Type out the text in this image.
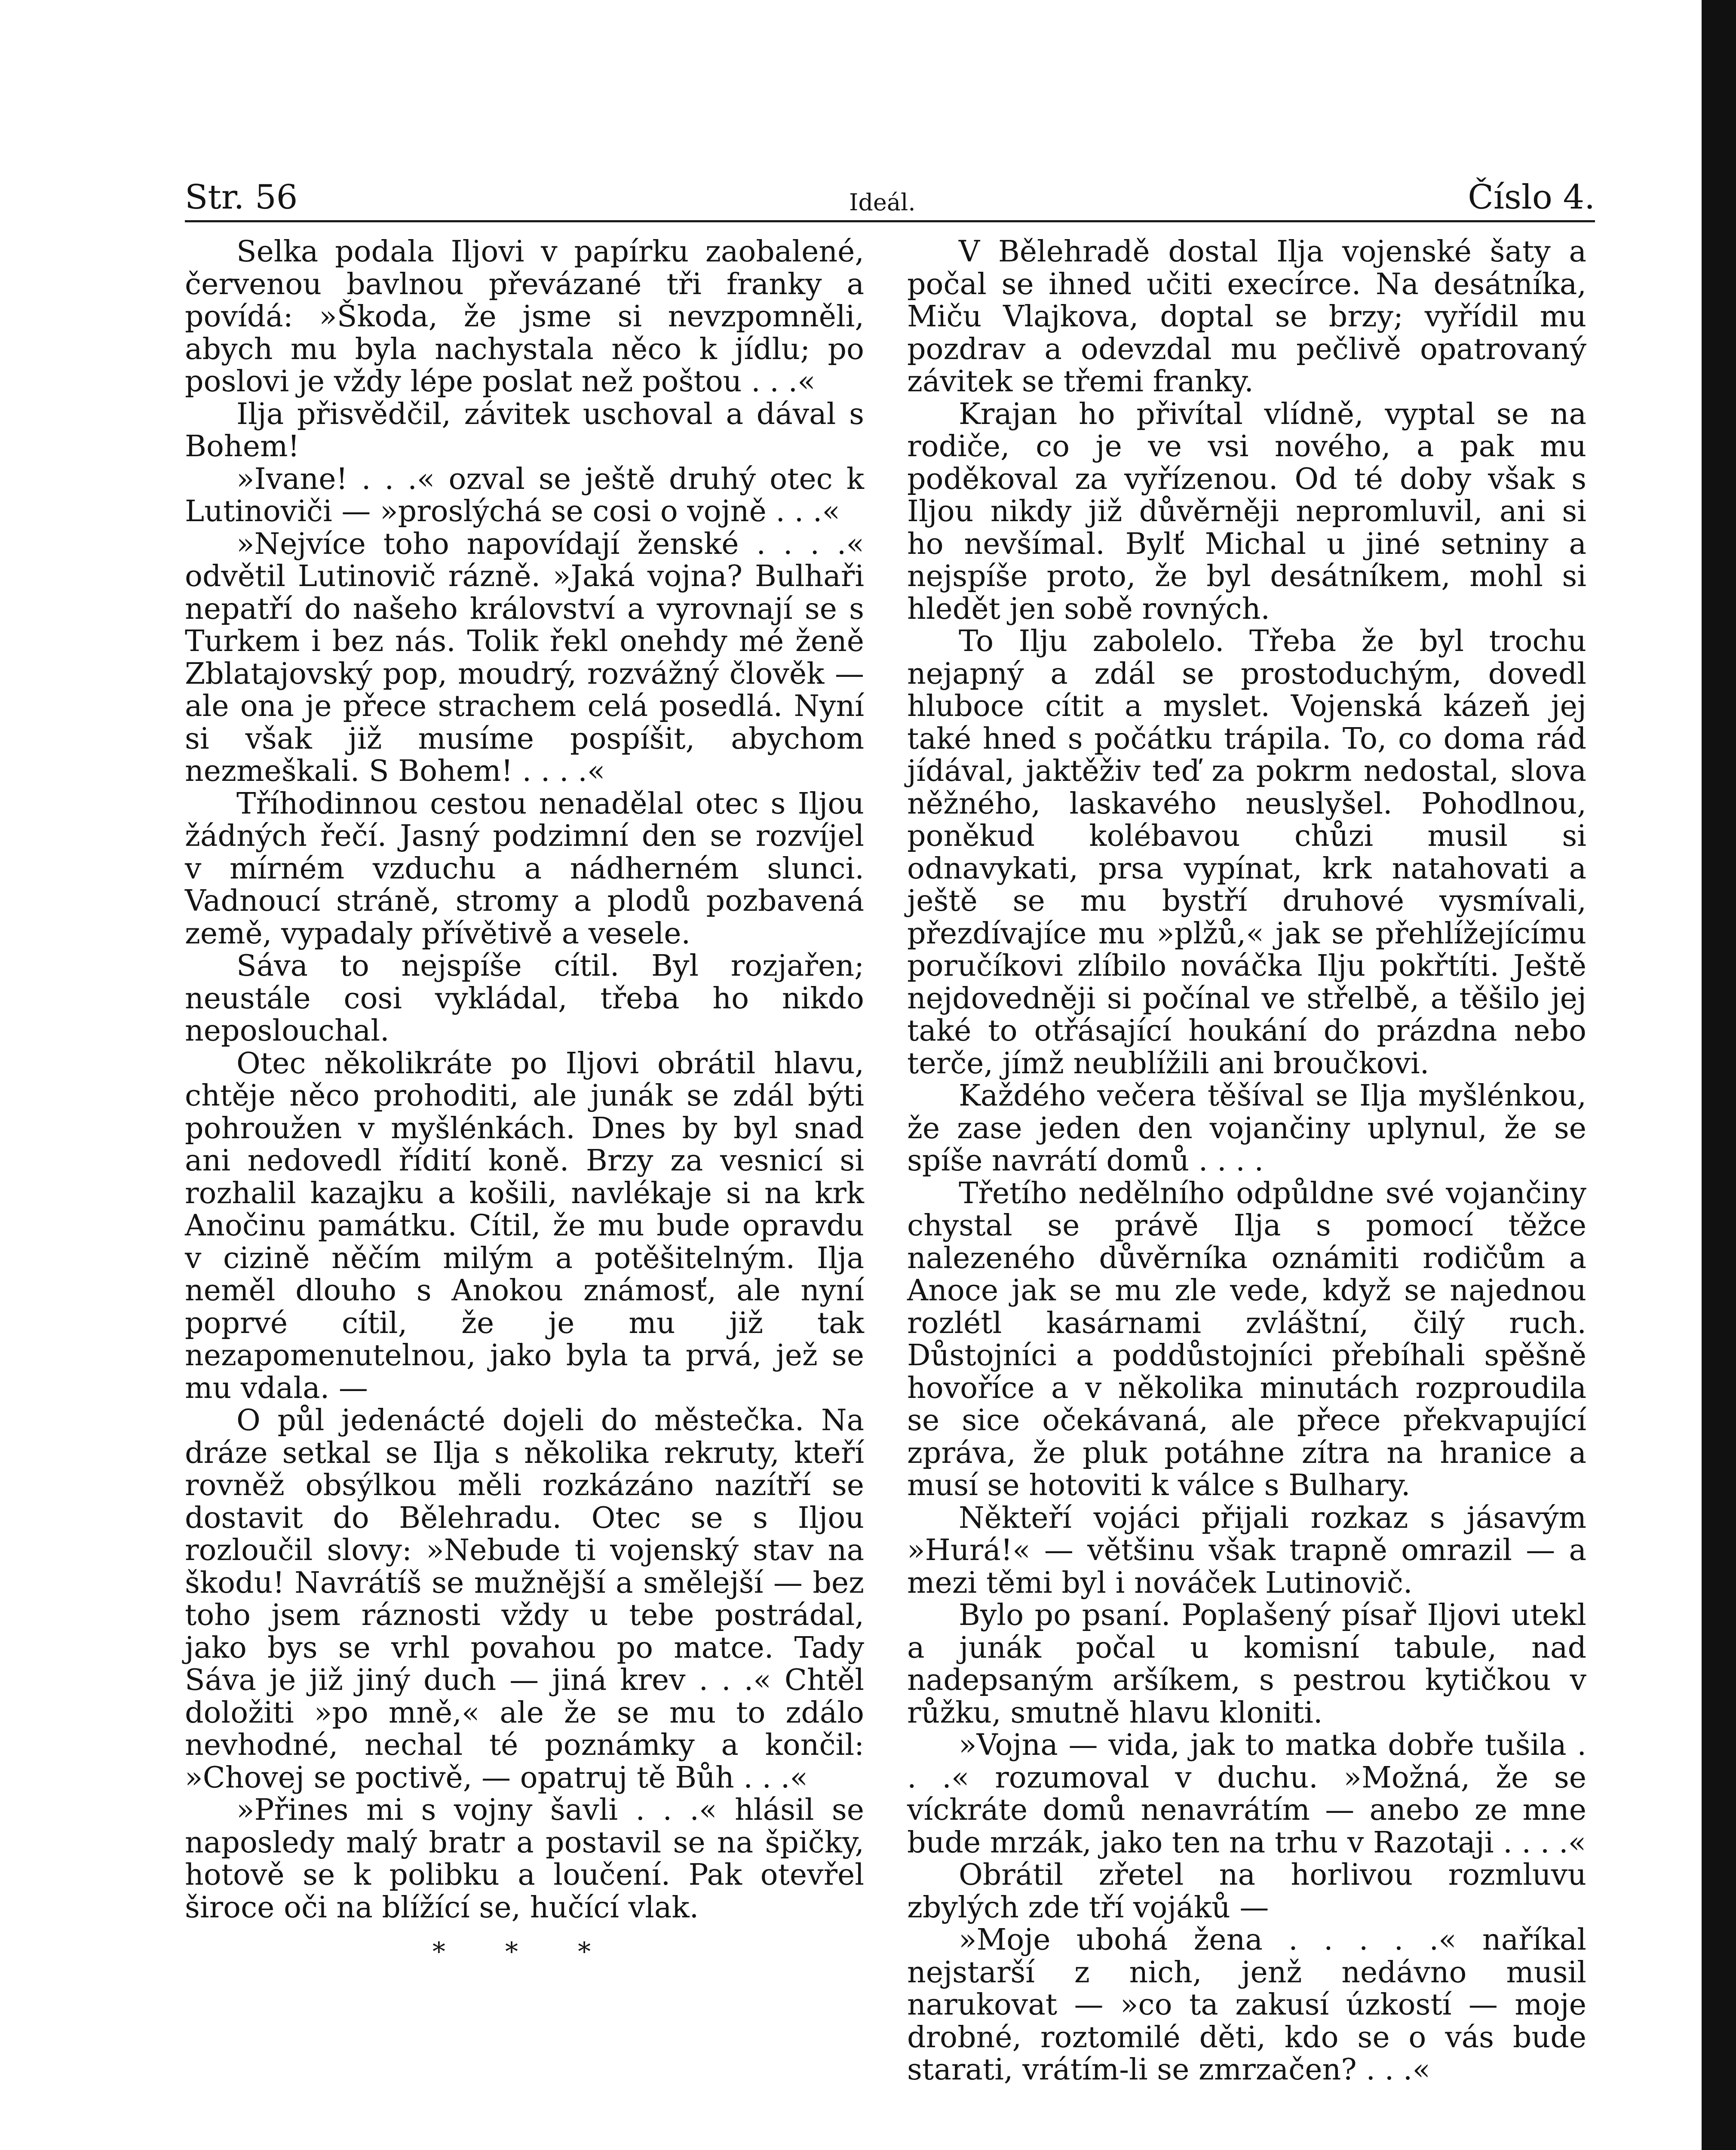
Str. 56	Ideál.	Číslo 4.

Selka podala Iljovi v papírku zaobalené, červenou bavlnou převázané tři franky a povídá: »Škoda, že jsme si nevzpomněli, abych mu byla nachystala něco k jídlu; po poslovi je vždy lépe poslat než poštou . . .«

Ilja přisvědčil, závitek uschoval a dával s Bohem!

»Ivane! . . .« ozval se ještě druhý otec k Lutinoviči — »proslýchá se cosi o vojně . . .«

»Nejvíce toho napovídají ženské . . . .« odvětil Lutinovič rázně. »Jaká vojna? Bulhaři nepatří do našeho království a vyrovnají se s Turkem i bez nás. Tolik řekl onehdy mé ženě Zblatajovský pop, moudrý, rozvážný člověk — ale ona je přece strachem celá posedlá. Nyní si však již musíme pospíšit, abychom nezmeškali. S Bohem! . . . .«

Tříhodinnou cestou nenadělal otec s Iljou žádných řečí. Jasný podzimní den se rozvíjel v mírném vzduchu a nádherném slunci. Vadnoucí stráně, stromy a plodů pozbavená země, vypadaly přívětivě a vesele.

Sáva to nejspíše cítil. Byl rozjařen; neustále cosi vykládal, třeba ho nikdo neposlouchal.

Otec několikráte po Iljovi obrátil hlavu, chtěje něco prohoditi, ale junák se zdál býti pohroužen v myšlénkách. Dnes by byl snad ani nedovedl řídití koně. Brzy za vesnicí si rozhalil kazajku a košili, navlékaje si na krk Anočinu památku. Cítil, že mu bude opravdu v cizině něčím milým a potěšitelným. Ilja neměl dlouho s Anokou známosť, ale nyní poprvé cítil, že je mu již tak nezapomenutelnou, jako byla ta prvá, jež se mu vdala. —

O půl jedenácté dojeli do městečka. Na dráze setkal se Ilja s několika rekruty, kteří rovněž obsýlkou měli rozkázáno nazítří se dostavit do Bělehradu. Otec se s Iljou rozloučil slovy: »Nebude ti vojenský stav na škodu! Navrátíš se mužnější a smělejší — bez toho jsem ráznosti vždy u tebe postrádal, jako bys se vrhl povahou po matce. Tady Sáva je již jiný duch — jiná krev . . .« Chtěl doložiti »po mně,« ale že se mu to zdálo nevhodné, nechal té poznámky a končil: »Chovej se poctivě, — opatruj tě Bůh . . .«

»Přines mi s vojny šavli . . .« hlásil se naposledy malý bratr a postavil se na špičky, hotově se k polibku a loučení. Pak otevřel široce oči na blížící se, hučící vlak.

* * *

V Bělehradě dostal Ilja vojenské šaty a počal se ihned učiti execírce. Na desátníka, Miču Vlajkova, doptal se brzy; vyřídil mu pozdrav a odevzdal mu pečlivě opatrovaný závitek se třemi franky.

Krajan ho přivítal vlídně, vyptal se na rodiče, co je ve vsi nového, a pak mu poděkoval za vyřízenou. Od té doby však s Iljou nikdy již důvěrněji nepromluvil, ani si ho nevšímal. Bylť Michal u jiné setniny a nejspíše proto, že byl desátníkem, mohl si hledět jen sobě rovných.

To Ilju zabolelo. Třeba že byl trochu nejapný a zdál se prostoduchým, dovedl hluboce cítit a myslet. Vojenská kázeň jej také hned s počátku trápila. To, co doma rád jídával, jaktěživ teď za pokrm nedostal, slova něžného, laskavého neuslyšel. Pohodlnou, poněkud kolébavou chůzi musil si odnavykati, prsa vypínat, krk natahovati a ještě se mu bystří druhové vysmívali, přezdívajíce mu »plžů,« jak se přehlížejícímu poručíkovi zlíbilo nováčka Ilju pokřtíti. Ještě nejdovedněji si počínal ve střelbě, a těšilo jej také to otřásající houkání do prázdna nebo terče, jímž neublížili ani broučkovi.

Každého večera těšíval se Ilja myšlénkou, že zase jeden den vojančiny uplynul, že se spíše navrátí domů . . . .

Třetího nedělního odpůldne své vojančiny chystal se právě Ilja s pomocí těžce nalezeného důvěrníka oznámiti rodičům a Anoce jak se mu zle vede, když se najednou rozlétl kasárnami zvláštní, čilý ruch. Důstojníci a poddůstojníci přebíhali spěšně hovoříce a v několika minutách rozproudila se sice očekávaná, ale přece překvapující zpráva, že pluk potáhne zítra na hranice a musí se hotoviti k válce s Bulhary.

Někteří vojáci přijali rozkaz s jásavým »Hurá!« — většinu však trapně omrazil — a mezi těmi byl i nováček Lutinovič.

Bylo po psaní. Poplašený písař Iljovi utekl a junák počal u komisní tabule, nad nadepsaným aršíkem, s pestrou kytičkou v růžku, smutně hlavu kloniti.

»Vojna — vida, jak to matka dobře tušila . . .« rozumoval v duchu. »Možná, že se víckráte domů nenavrátím — anebo ze mne bude mrzák, jako ten na trhu v Razotaji . . . .«

Obrátil zřetel na horlivou rozmluvu zbylých zde tří vojáků —

»Moje ubohá žena . . . . .« naříkal nejstarší z nich, jenž nedávno musil narukovat — »co ta zakusí úzkostí — moje drobné, roztomilé děti, kdo se o vás bude starati, vrátím-li se zmrzačen? . . .«
